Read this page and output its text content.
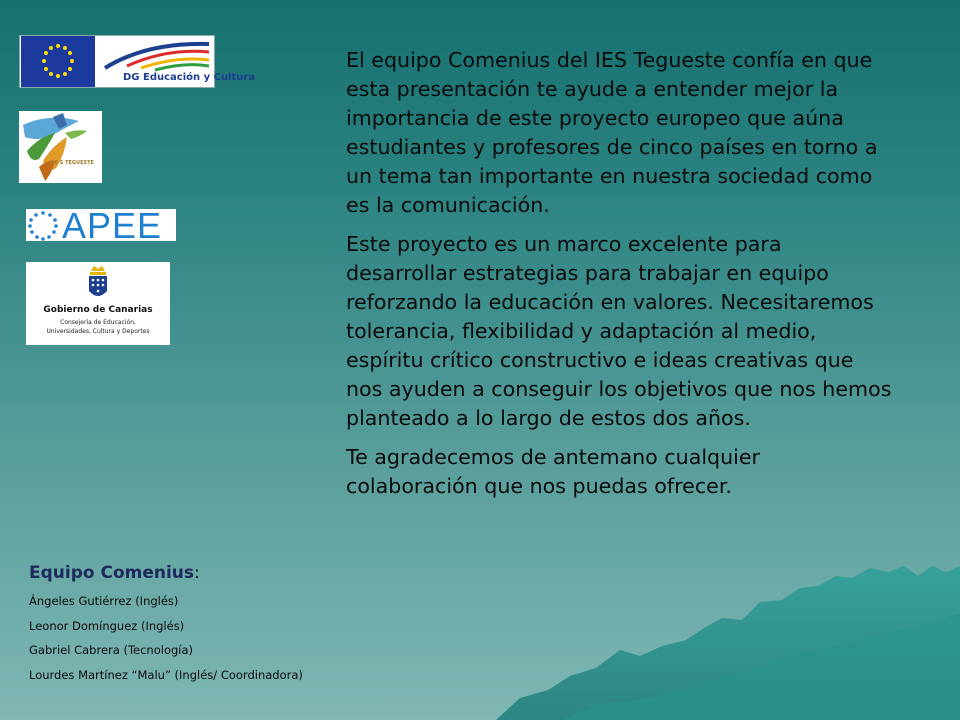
DG Educación y Cultura
I E S TEGUESTE
APEE
Gobierno de Canarias
Consejería de Educación,
Universidades, Cultura y Deportes

El equipo Comenius del IES Tegueste confía en que esta presentación te ayude a entender mejor la importancia de este proyecto europeo que aúna estudiantes y profesores de cinco países en torno a un tema tan importante en nuestra sociedad como es la comunicación.

Este proyecto es un marco excelente para desarrollar estrategias para trabajar en equipo reforzando la educación en valores. Necesitaremos tolerancia, flexibilidad y adaptación al medio, espíritu crítico constructivo e ideas creativas que nos ayuden a conseguir los objetivos que nos hemos planteado a lo largo de estos dos años.

Te agradecemos de antemano cualquier colaboración que nos puedas ofrecer.

Equipo Comenius:
Ángeles Gutiérrez (Inglés)
Leonor Domínguez (Inglés)
Gabriel Cabrera (Tecnología)
Lourdes Martínez “Malu” (Inglés/ Coordinadora)
